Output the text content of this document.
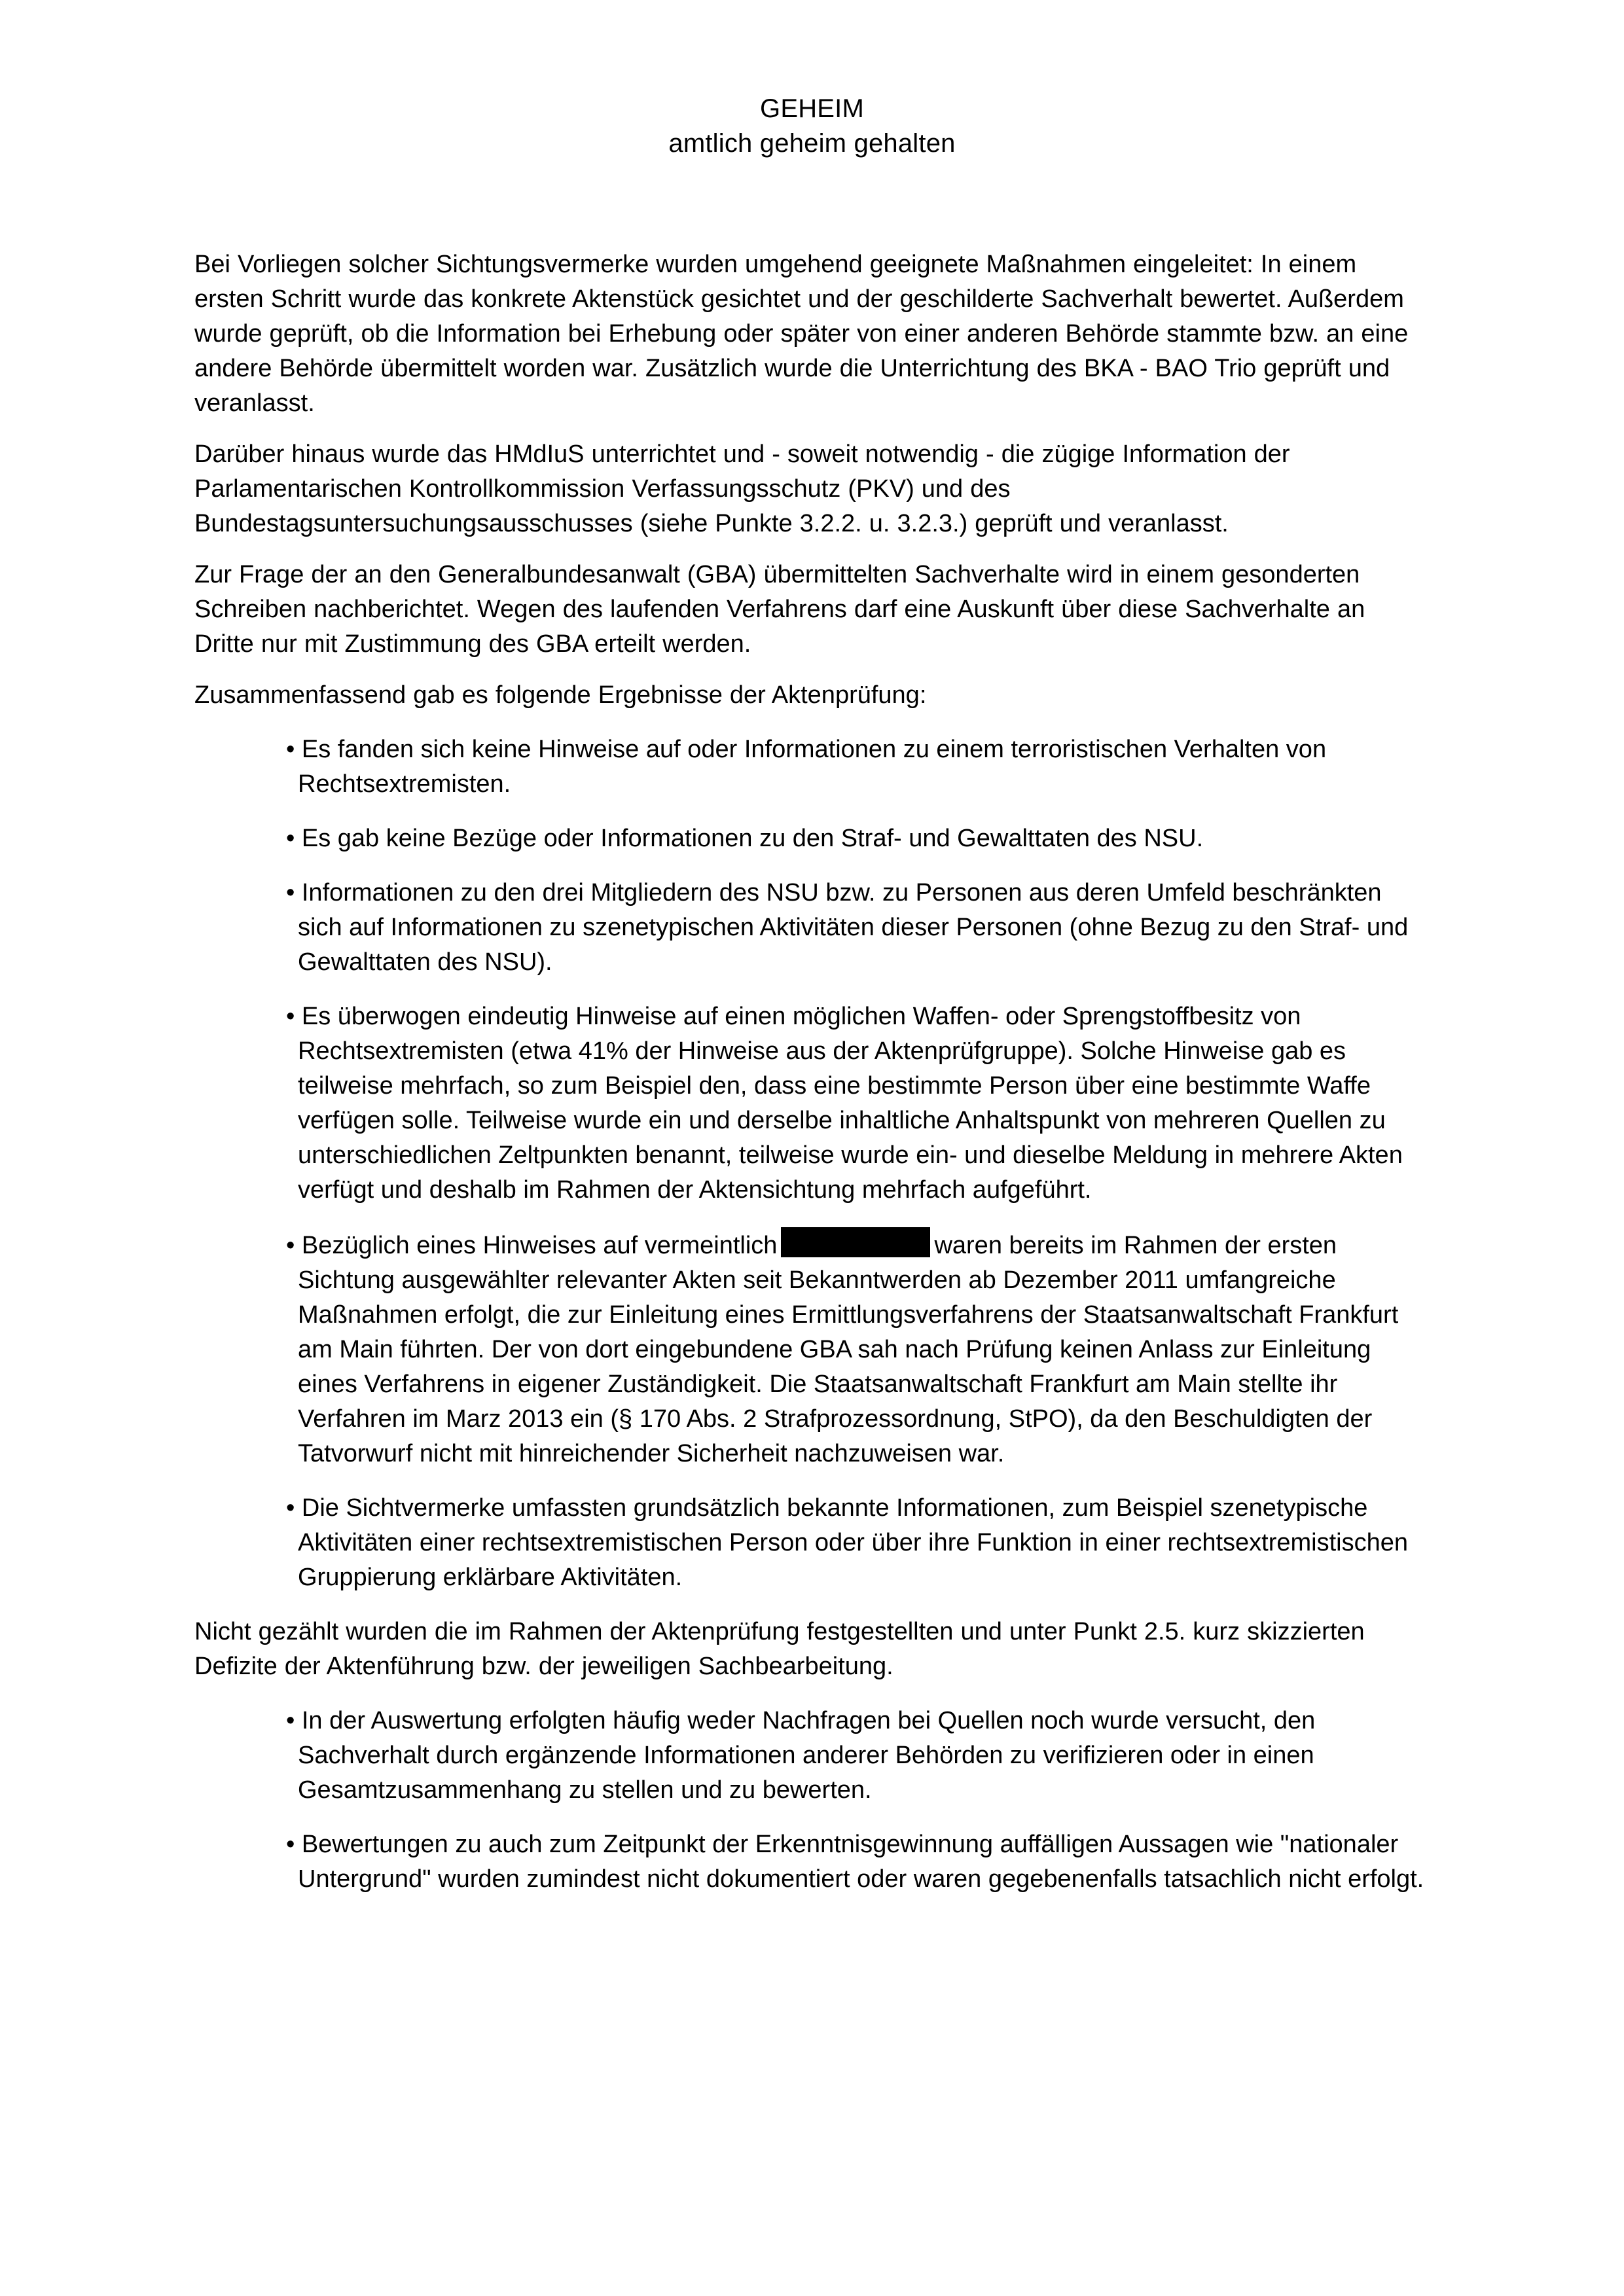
GEHEIM
amtlich geheim gehalten

Bei Vorliegen solcher Sichtungsvermerke wurden umgehend geeignete Maßnahmen eingeleitet: In einem ersten Schritt wurde das konkrete Aktenstück gesichtet und der geschilderte Sachverhalt bewertet. Außerdem wurde geprüft, ob die Information bei Erhebung oder später von einer anderen Behörde stammte bzw. an eine andere Behörde übermittelt worden war. Zusätzlich wurde die Unterrichtung des BKA - BAO Trio geprüft und veranlasst.

Darüber hinaus wurde das HMdIuS unterrichtet und - soweit notwendig - die zügige Information der Parlamentarischen Kontrollkommission Verfassungsschutz (PKV) und des Bundestagsuntersuchungsausschusses (siehe Punkte 3.2.2. u. 3.2.3.) geprüft und veranlasst.

Zur Frage der an den Generalbundesanwalt (GBA) übermittelten Sachverhalte wird in einem gesonderten Schreiben nachberichtet. Wegen des laufenden Verfahrens darf eine Auskunft über diese Sachverhalte an Dritte nur mit Zustimmung des GBA erteilt werden.

Zusammenfassend gab es folgende Ergebnisse der Aktenprüfung:

• Es fanden sich keine Hinweise auf oder Informationen zu einem terroristischen Verhalten von Rechtsextremisten.
• Es gab keine Bezüge oder Informationen zu den Straf- und Gewalttaten des NSU.
• Informationen zu den drei Mitgliedern des NSU bzw. zu Personen aus deren Umfeld beschränkten sich auf Informationen zu szenetypischen Aktivitäten dieser Personen (ohne Bezug zu den Straf- und Gewalttaten des NSU).
• Es überwogen eindeutig Hinweise auf einen möglichen Waffen- oder Sprengstoffbesitz von Rechtsextremisten (etwa 41% der Hinweise aus der Aktenprüfgruppe). Solche Hinweise gab es teilweise mehrfach, so zum Beispiel den, dass eine bestimmte Person über eine bestimmte Waffe verfügen solle. Teilweise wurde ein und derselbe inhaltliche Anhaltspunkt von mehreren Quellen zu unterschiedlichen Zeltpunkten benannt, teilweise wurde ein- und dieselbe Meldung in mehrere Akten verfügt und deshalb im Rahmen der Aktensichtung mehrfach aufgeführt.
• Bezüglich eines Hinweises auf vermeintlich	waren bereits im Rahmen der ersten Sichtung ausgewählter relevanter Akten seit Bekanntwerden ab Dezember 2011 umfangreiche Maßnahmen erfolgt, die zur Einleitung eines Ermittlungsverfahrens der Staatsanwaltschaft Frankfurt am Main führten. Der von dort eingebundene GBA sah nach Prüfung keinen Anlass zur Einleitung eines Verfahrens in eigener Zuständigkeit. Die Staatsanwaltschaft Frankfurt am Main stellte ihr Verfahren im Marz 2013 ein (§ 170 Abs. 2 Strafprozessordnung, StPO), da den Beschuldigten der Tatvorwurf nicht mit hinreichender Sicherheit nachzuweisen war.
• Die Sichtvermerke umfassten grundsätzlich bekannte Informationen, zum Beispiel szenetypische Aktivitäten einer rechtsextremistischen Person oder über ihre Funktion in einer rechtsextremistischen Gruppierung erklärbare Aktivitäten.

Nicht gezählt wurden die im Rahmen der Aktenprüfung festgestellten und unter Punkt 2.5. kurz skizzierten Defizite der Aktenführung bzw. der jeweiligen Sachbearbeitung.

• In der Auswertung erfolgten häufig weder Nachfragen bei Quellen noch wurde versucht, den Sachverhalt durch ergänzende Informationen anderer Behörden zu verifizieren oder in einen Gesamtzusammenhang zu stellen und zu bewerten.
• Bewertungen zu auch zum Zeitpunkt der Erkenntnisgewinnung auffälligen Aussagen wie "nationaler Untergrund" wurden zumindest nicht dokumentiert oder waren gegebenenfalls tatsachlich nicht erfolgt.
